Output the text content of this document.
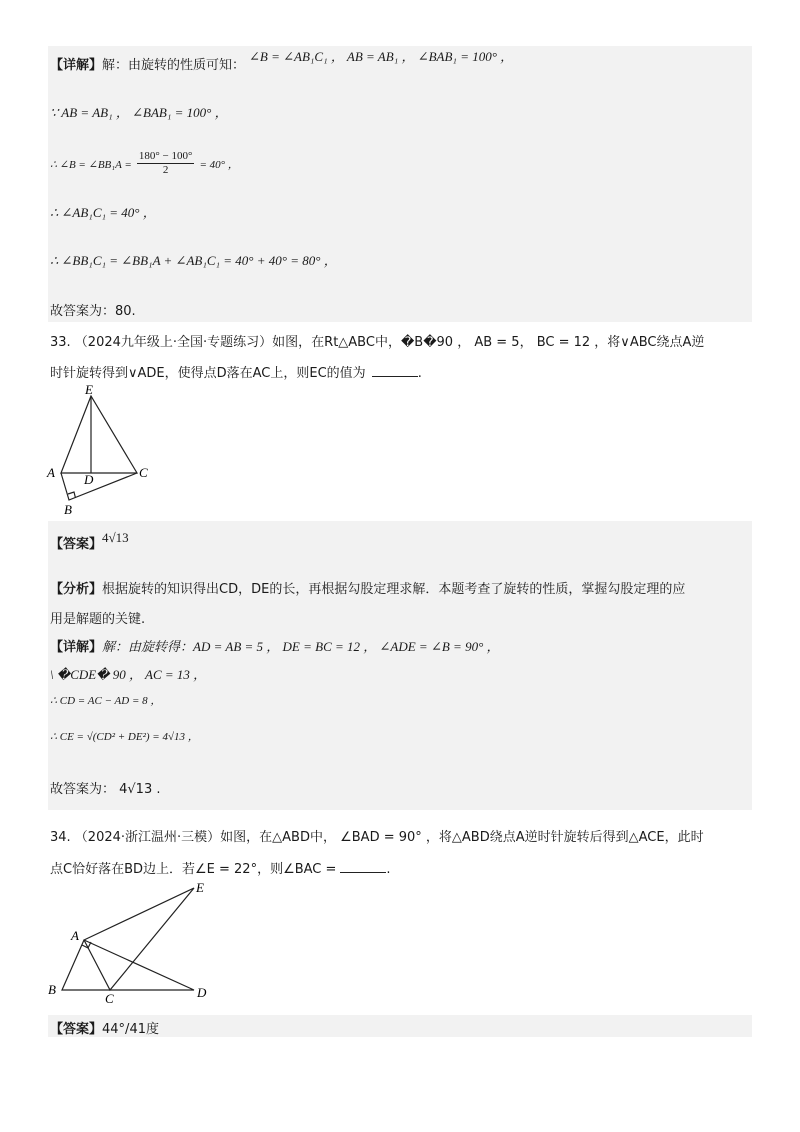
【详解】解：由旋转的性质可知：$^{\angle B = \angle AB_1C_1 , AB = AB_1 , \angle BAB_1 = 100^\circ ,}$
∵ AB = AB₁ ， ∠BAB₁ = 100° ，
∴ ∠B = ∠BB₁A = $\frac{180^\circ - 100^\circ}{2} = 40^\circ$ ，
∴ ∠AB₁C₁ = 40° ，
∴ ∠BB₁C₁ = ∠BB₁A + ∠AB₁C₁ = 40° + 40° = 80° ，
故答案为：80.
33. （2024九年级上·全国·专题练习）如图，在Rt△ABC中，�B�90 ， AB = 5， BC = 12 ，将∨ABC绕点A逆
时针旋转得到∨ADE，使得点D落在AC上，则EC的值为	.
E
A D	C
B
【答案】$^{4√13}$
【分析】根据旋转的知识得出CD，DE的长，再根据勾股定理求解．本题考查了旋转的性质，掌握勾股定理的应
用是解题的关键.
【详解】解：由旋转得：AD = AB = 5 ， DE = BC = 12 ， ∠ADE = ∠B = 90° ，
\ �CDE� 90 ， AC = 13 ，
∴ CD = AC − AD = 8 ，
∴ CE = √(CD² + DE²) = 4√13 ，
故答案为： 4√13 .
34. （2024·浙江温州·三模）如图，在△ABD中， ∠BAD = 90° ，将△ABD绕点A逆时针旋转后得到△ACE，此时
点C恰好落在BD边上．若∠E = 22°，则∠BAC =	.
E
A
B
C	D
【答案】44°/41度
